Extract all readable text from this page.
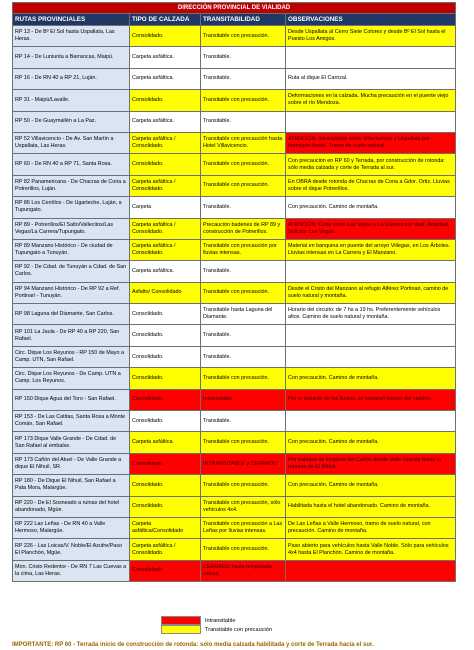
DIRECCIÓN PROVINCIAL DE VIALIDAD			
RUTAS PROVINCIALES	TIPO DE CALZADA	TRANSITABILIDAD	OBSERVACIONES
RP 13 - De Bº El Sol hasta Uspallata, Las Heras.	Consolidado.	Transitable con precaución.	Desde Uspallata al Cerro Siete Colores y desde Bº El Sol hasta el Puesto Los Amigos.
RP 14 - De Luniunta a Barrancas, Maipú.	Carpeta asfáltica.	Transitable.	
RP 16 - De RN 40 a RP 21, Luján.	Carpeta asfáltica.	Transitable.	Ruta al dique El Carrizal.
RP 31 - Maipú/Lavalle.	Consolidado.	Transitable con precaución.	Deformaciones en la calzada. Mucha precaución en el puente viejo sobre el río Mendoza.
RP 50 - De Guaymallén a La Paz.	Carpeta asfáltica.	Transitable.	
RP 52 Villavicencio - De Av. San Martín a Uspallata, Las Heras.	Carpeta asfáltica / Consolidado.	Transitable con precaución hasta Hotel Villavicencio.	ATENCIÓN: intransitable entre Villavicencio y Uspallata por hormigón fluvial. Tramo de suelo natural.
RP 60 - De RN 40 a RP 71, Santa Rosa.	Consolidado.	Transitable con precaución.	Con precaución en RP 60 y Terrada, por construcción de rotonda: sólo media calzada y corte de Terrada al sur.
RP 82 Panamericana - De Chacras de Coria a Potrerillos, Luján.	Carpeta asfáltica / Consolidado.	Transitable con precaución.	En OBRA desde rotonda de Chacras de Coria a Gdor. Ortiz. Lluvias sobre el dique Potrerillos.
RP 86 Los Cerrillos - De Ugarteche, Luján, a Tupungato.	Carpeta	Transitable.	Con precaución. Camino de montaña.
RP 89 - Potrerillos/El Salto/Vallecitos/Las Vegas/La Carrera/Tupungato.	Carpeta asfáltica / Consolidado.	Precaución badenes de RP 89 y construcción de Potrerillos.	ATENCIÓN: Corte entre Las Vegas y La Carrera por alud. Amplitud. Solicitar Las Vegas.
RP 89 Manzano Histórico - De ciudad de Tupungato a Tunuyán.	Carpeta asfáltica / Consolidado.	Transitable con precaución por lluvias intensas.	Material en banquina en puente del arroyo Villegas, en Los Árboles. Lluvias intensas en La Carrera y El Manzano.
RP 92 - De Cdad. de Tunuyán a Cdad. de San Carlos.	Carpeta asfáltica.	Transitable.	
RP 94 Manzano Histórico - De RP 92 a Ref. Portinari - Tunuyán.	Asfalto/ Consolidado	Transitable con precaución.	Desde el Cristo del Manzano al refugio Alférez Portinari, camino de suelo natural y montaña.
RP 98 Laguna del Diamante, San Carlos.	Consolidado.	Transitable hasta Laguna del Diamante.	Horario del circuito: de 7 hs a 19 hs. Preferentemente vehículos altos. Camino de suelo natural y montaña.
RP 101 La Jaula - De RP 40 a RP 220, San Rafael.	Consolidado.	Transitable.	
Circ. Dique Los Reyunos - RP 150 de Mayo a Camp. UTN, San Rafael.	Consolidado.	Transitable.	
Circ. Dique Los Reyunos - De Camp. UTN a Camp. Los Reyunos.	Consolidado.	Transitable con precaución.	Con precaución. Camino de montaña.
RP 150 Dique Agua del Toro - San Rafael.	Consolidado.	Intransitable	Por el impacto de las lluvias, se tomaron tramos del camino.
RP 153 - De Las Catitas, Santa Rosa a Monte Comán, San Rafael.	Consolidado.	Transitable.	
RP 173 Dique Valle Grande - De Cdad. de San Rafael al embalse.	Carpeta asfáltica.	Transitable con precaución.	Con precaución. Camino de montaña.
RP 173 Cañón del Atuel - De Valle Grande a dique El Nihuil, SR.	Consolidado.	INTRANSITABLE y CERRADO	Por trabajos de limpieza del Cañón desde Valle Grande hasta la represa de El Nihuil.
RP 180 - De Dique El Nihuil, San Rafael a Pata Mora, Malargüe.	Consolidado.	Transitable con precaución.	Con precaución. Camino de montaña.
RP 220 - De El Sosneado a ruinas del hotel abandonado, Mgüe.	Consolidado.	Transitable con precaución, sólo vehículos 4x4.	Habilitada hasta el hotel abandonado. Camino de montaña.
RP 222 Las Leñas - De RN 40 a Valle Hermoso, Malargüe.	Carpeta asfáltica/Consolidado	Transitable con precaución a Las Leñas por lluvias intensas.	De Las Leñas a Valle Hermoso, tramo de suelo natural, con precaución. Camino de montaña.
RP 226 - Las Loicas/V. Noble/El Azufre/Paso El Planchón, Mgüe.	Carpeta asfáltica / Consolidado.	Transitable con precaución.	Paso abierto para vehículos hasta Valle Noble. Sólo para vehículos 4x4 hasta El Planchón. Camino de montaña.
Mon. Cristo Redentor - De RN 7 Las Cuevas a la cima, Las Heras.	Consolidado.	CERRADO hasta temporada estival.	
Intransitable
Transitable con precaución
IMPORTANTE: RP 60 - Terrada inicio de construcción de rotonda: sólo media calzada habilitada y corte de Terrada hacia el sur.
